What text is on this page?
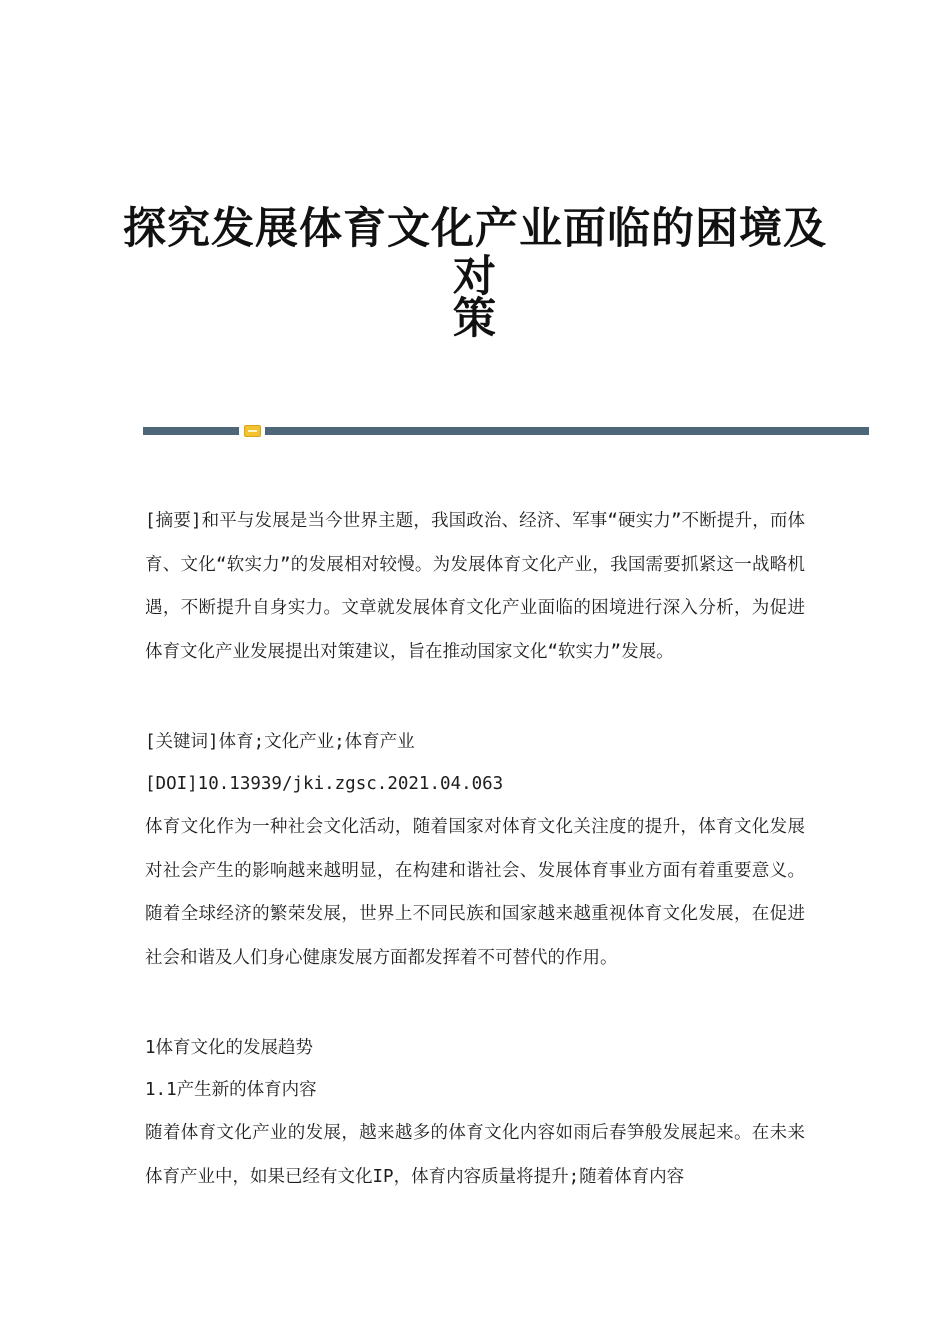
探究发展体育文化产业面临的困境及对
策

[摘要]和平与发展是当今世界主题，我国政治、经济、军事“硬实力”不断提升，而体育、文化“软实力”的发展相对较慢。为发展体育文化产业，我国需要抓紧这一战略机遇，不断提升自身实力。文章就发展体育文化产业面临的困境进行深入分析，为促进体育文化产业发展提出对策建议，旨在推动国家文化“软实力”发展。

[关键词]体育;文化产业;体育产业

[DOI]10.13939/jki.zgsc.2021.04.063

体育文化作为一种社会文化活动，随着国家对体育文化关注度的提升，体育文化发展对社会产生的影响越来越明显，在构建和谐社会、发展体育事业方面有着重要意义。随着全球经济的繁荣发展，世界上不同民族和国家越来越重视体育文化发展，在促进社会和谐及人们身心健康发展方面都发挥着不可替代的作用。

1体育文化的发展趋势

1.1产生新的体育内容

随着体育文化产业的发展，越来越多的体育文化内容如雨后春笋般发展起来。在未来体育产业中，如果已经有文化IP，体育内容质量将提升;随着体育内容
